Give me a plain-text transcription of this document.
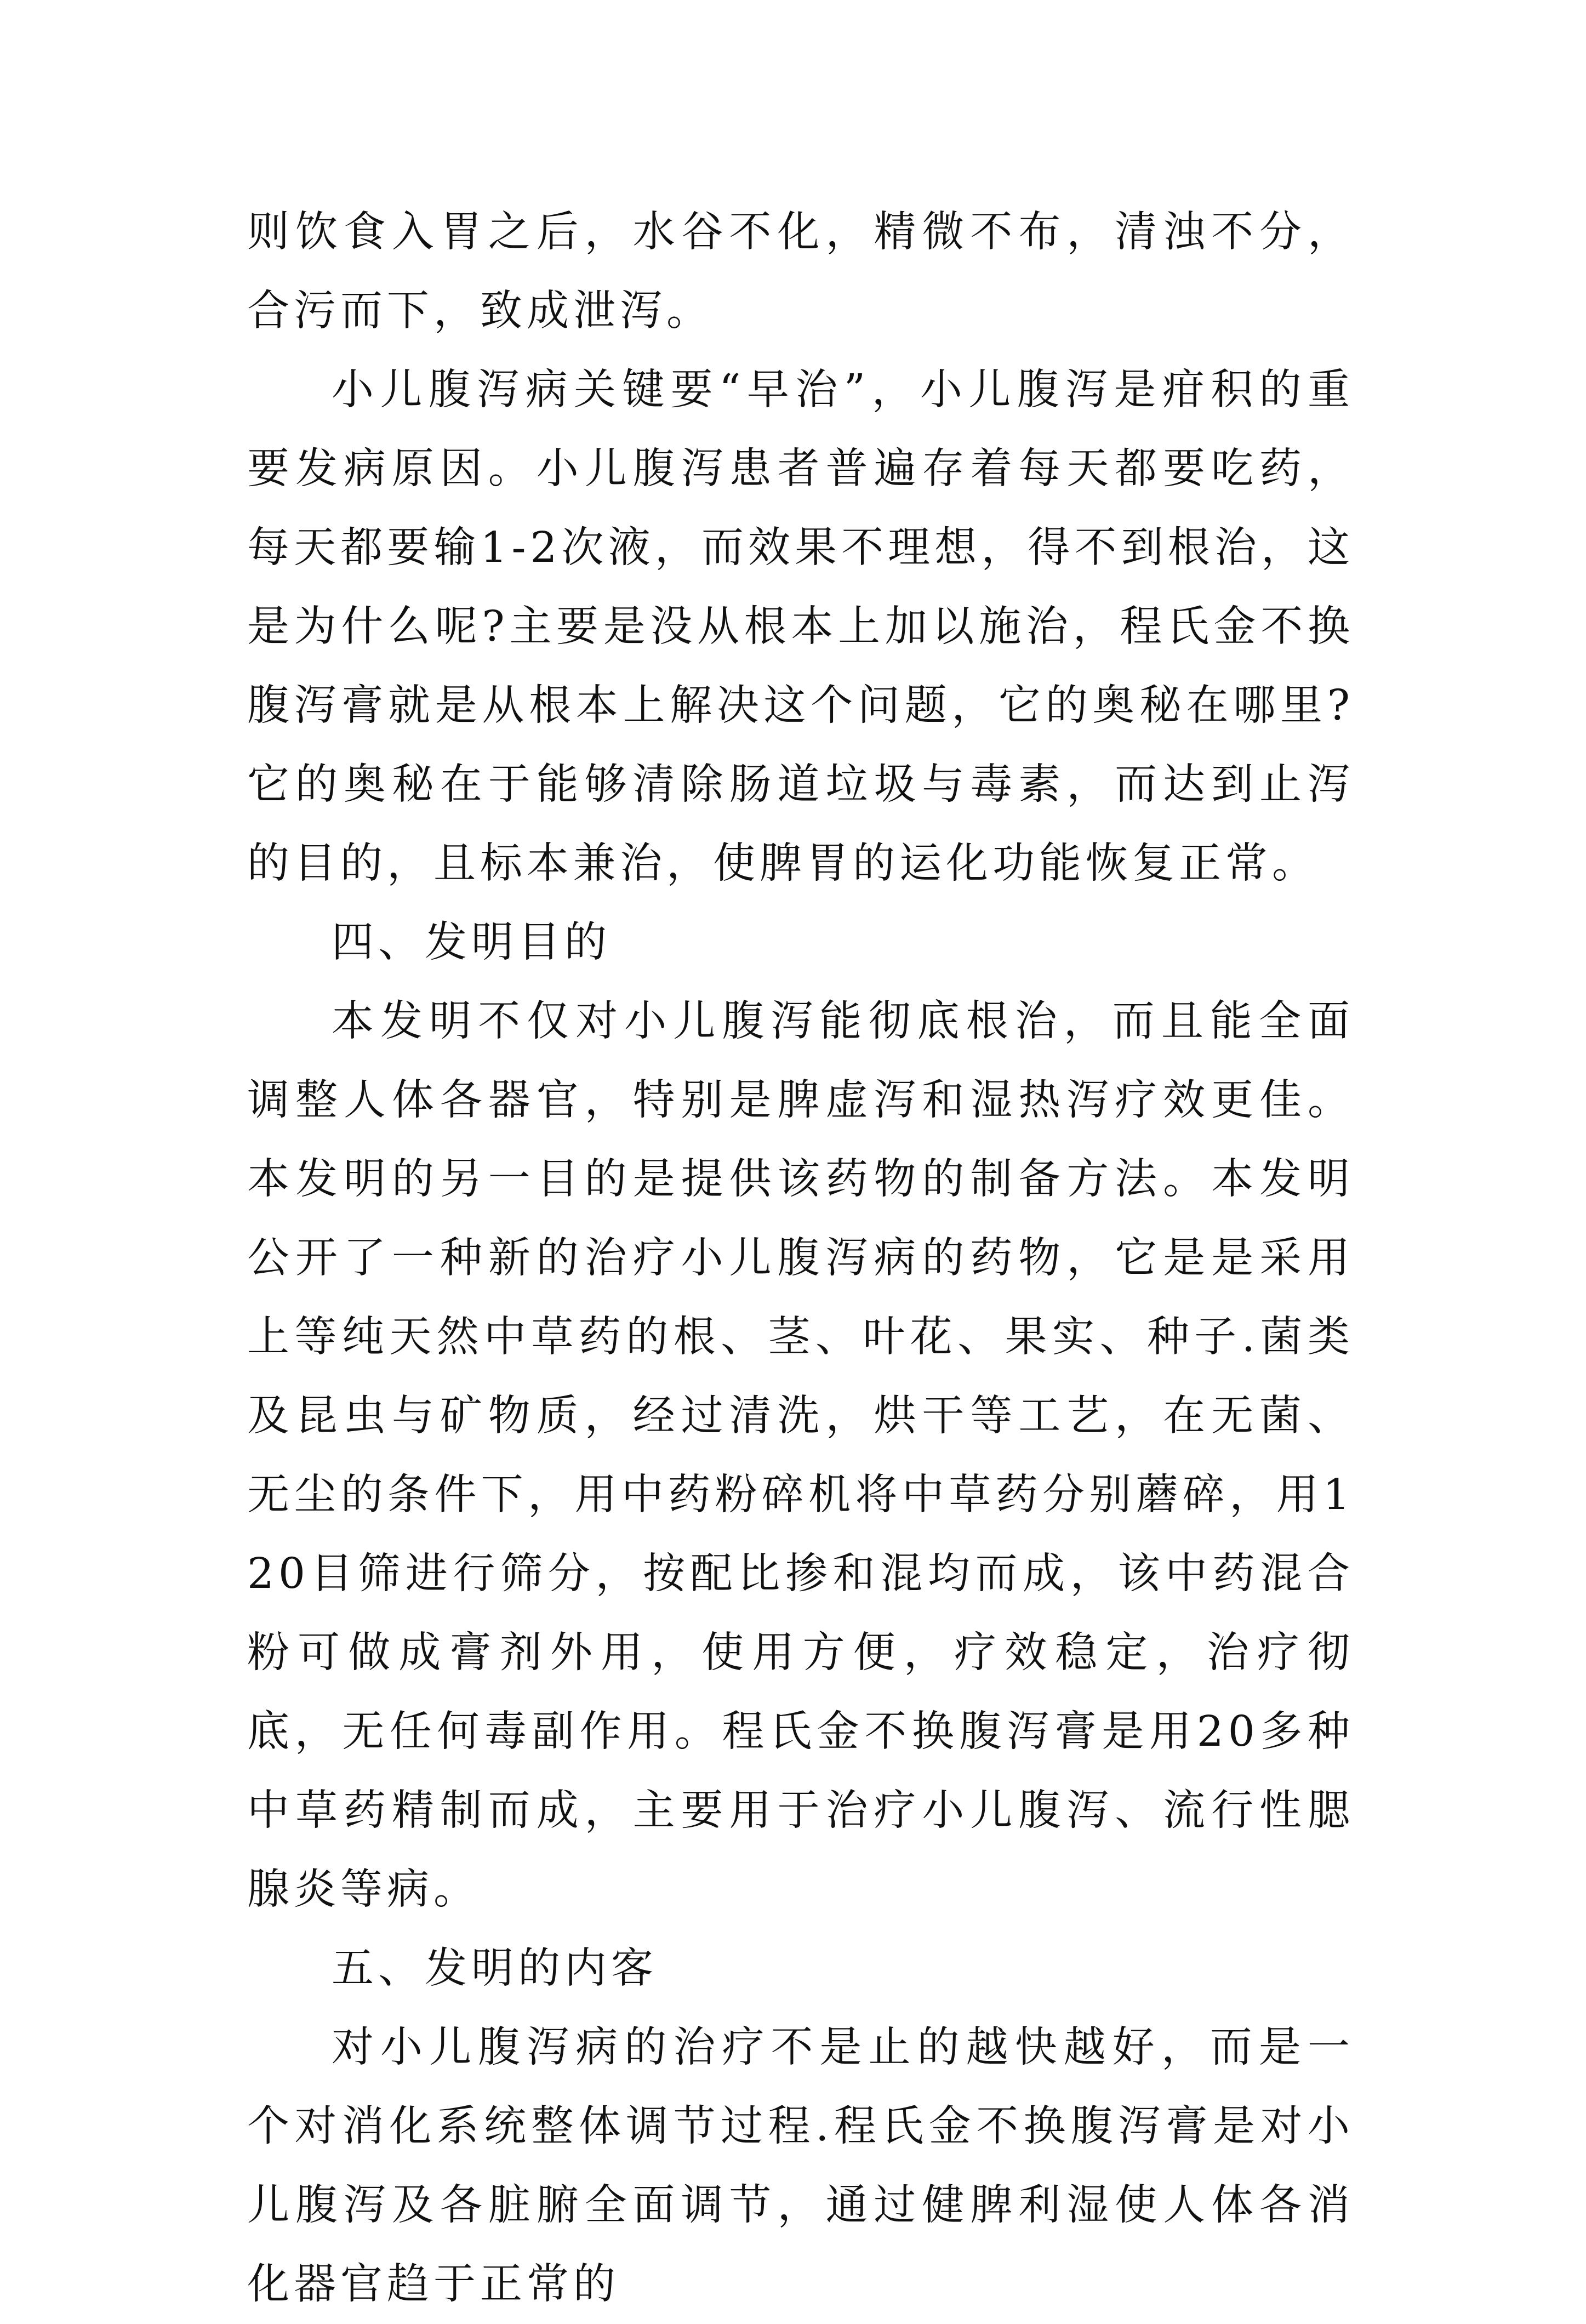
则饮食入胃之后，水谷不化，精微不布，清浊不分，合污而下，致成泄泻。

小儿腹泻病关键要“早治”，小儿腹泻是疳积的重要发病原因。小儿腹泻患者普遍存着每天都要吃药，每天都要输1-2次液，而效果不理想，得不到根治，这是为什么呢?主要是没从根本上加以施治，程氏金不换腹泻膏就是从根本上解决这个问题，它的奥秘在哪里?它的奥秘在于能够清除肠道垃圾与毒素，而达到止泻的目的，且标本兼治，使脾胃的运化功能恢复正常。

四、发明目的

本发明不仅对小儿腹泻能彻底根治，而且能全面调整人体各器官，特别是脾虚泻和湿热泻疗效更佳。本发明的另一目的是提供该药物的制备方法。本发明公开了一种新的治疗小儿腹泻病的药物，它是是采用上等纯天然中草药的根、茎、叶花、果实、种子.菌类及昆虫与矿物质，经过清洗，烘干等工艺，在无菌、无尘的条件下，用中药粉碎机将中草药分别蘑碎，用120目筛进行筛分，按配比掺和混均而成，该中药混合粉可做成膏剂外用，使用方便，疗效稳定，治疗彻底，无任何毒副作用。程氏金不换腹泻膏是用20多种中草药精制而成，主要用于治疗小儿腹泻、流行性腮腺炎等病。

五、发明的内客

对小儿腹泻病的治疗不是止的越快越好，而是一个对消化系统整体调节过程.程氏金不换腹泻膏是对小儿腹泻及各脏腑全面调节，通过健脾利湿使人体各消化器官趋于正常的
